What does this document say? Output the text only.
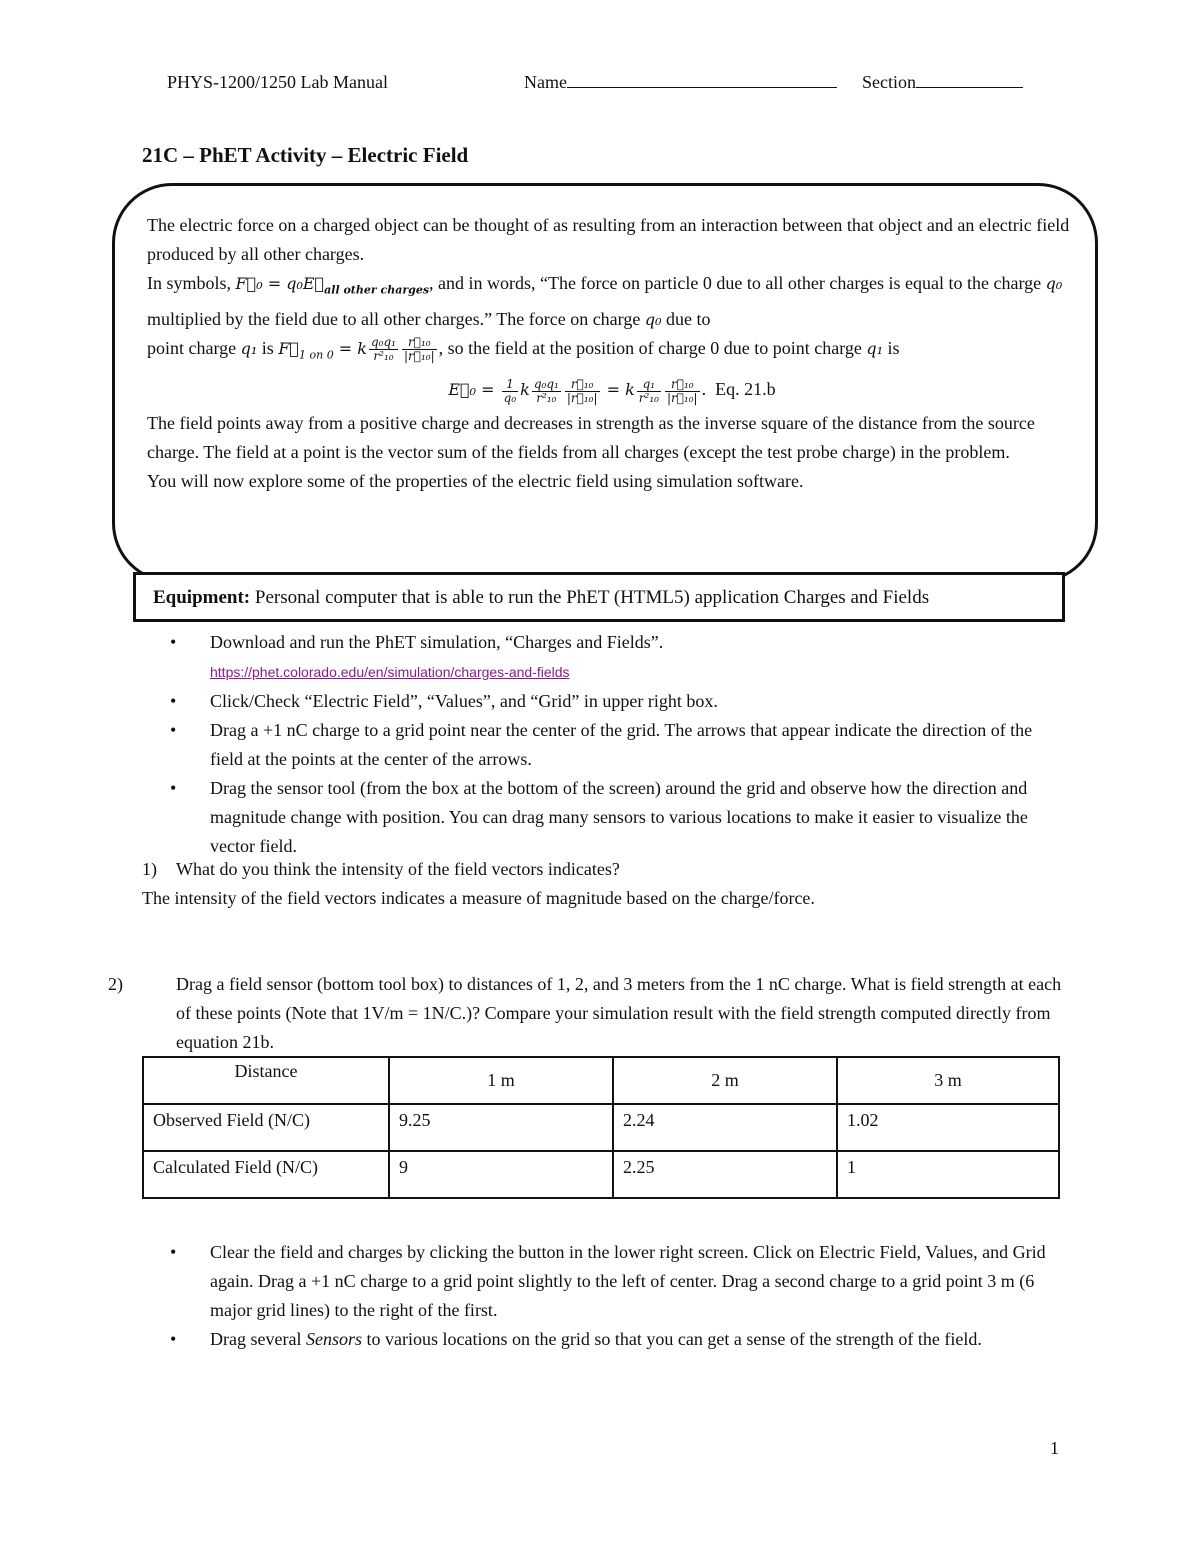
PHYS-1200/1250 Lab Manual	Name	Section
21C – PhET Activity – Electric Field

The electric force on a charged object can be thought of as resulting from an interaction between that object and an electric field produced by all other charges.

In symbols, F⃗₀ = $q_0E⃗_{all other charges}$, and in words, “The force on particle 0 due to all other charges is equal to the charge q₀ multiplied by the field due to all other charges.” The force on charge q₀ due to

point charge q₁ is $F⃗_{1 on 0} = k \frac{\text{q₀q₁}}{\text{r²₁₀}} \frac{\text{r⃗₁₀}}{\text{|r⃗₁₀|}}$ , so the field at the position of charge 0 due to point charge q₁ is

E⃗₀ = $\frac{1}{\text{q₀}}$ k $\frac{\text{q₀q₁}}{\text{r²₁₀}} \frac{\text{r⃗₁₀}}{\text{|r⃗₁₀|}} = k \frac{\text{q₁}}{\text{r²₁₀}} \frac{\text{r⃗₁₀}}{\text{|r⃗₁₀|}}$ .  Eq. 21.b

The field points away from a positive charge and decreases in strength as the inverse square of the distance from the source charge. The field at a point is the vector sum of the fields from all charges (except the test probe charge) in the problem.

You will now explore some of the properties of the electric field using simulation software.

Equipment: Personal computer that is able to run the PhET (HTML5) application Charges and Fields
• Download and run the PhET simulation, “Charges and Fields”.
https://phet.colorado.edu/en/simulation/charges-and-fields
• Click/Check “Electric Field”, “Values”, and “Grid” in upper right box.
• Drag a +1 nC charge to a grid point near the center of the grid. The arrows that appear indicate the direction of the field at the points at the center of the arrows.
• Drag the sensor tool (from the box at the bottom of the screen) around the grid and observe how the direction and magnitude change with position. You can drag many sensors to various locations to make it easier to visualize the vector field.
1) What do you think the intensity of the field vectors indicates?
The intensity of the field vectors indicates a measure of magnitude based on the charge/force.
2)	Drag a field sensor (bottom tool box) to distances of 1, 2, and 3 meters from the 1 nC charge. What is field strength at each of these points (Note that 1V/m = 1N/C.)? Compare your simulation result with the field strength computed directly from equation 21b.
Distance	1 m	2 m	3 m
Observed Field (N/C)	9.25	2.24	1.02
Calculated Field (N/C)	9	2.25	1
• Clear the field and charges by clicking the button in the lower right screen. Click on Electric Field, Values, and Grid again. Drag a +1 nC charge to a grid point slightly to the left of center. Drag a second charge to a grid point 3 m (6 major grid lines) to the right of the first.
• Drag several Sensors to various locations on the grid so that you can get a sense of the strength of the field.
1
